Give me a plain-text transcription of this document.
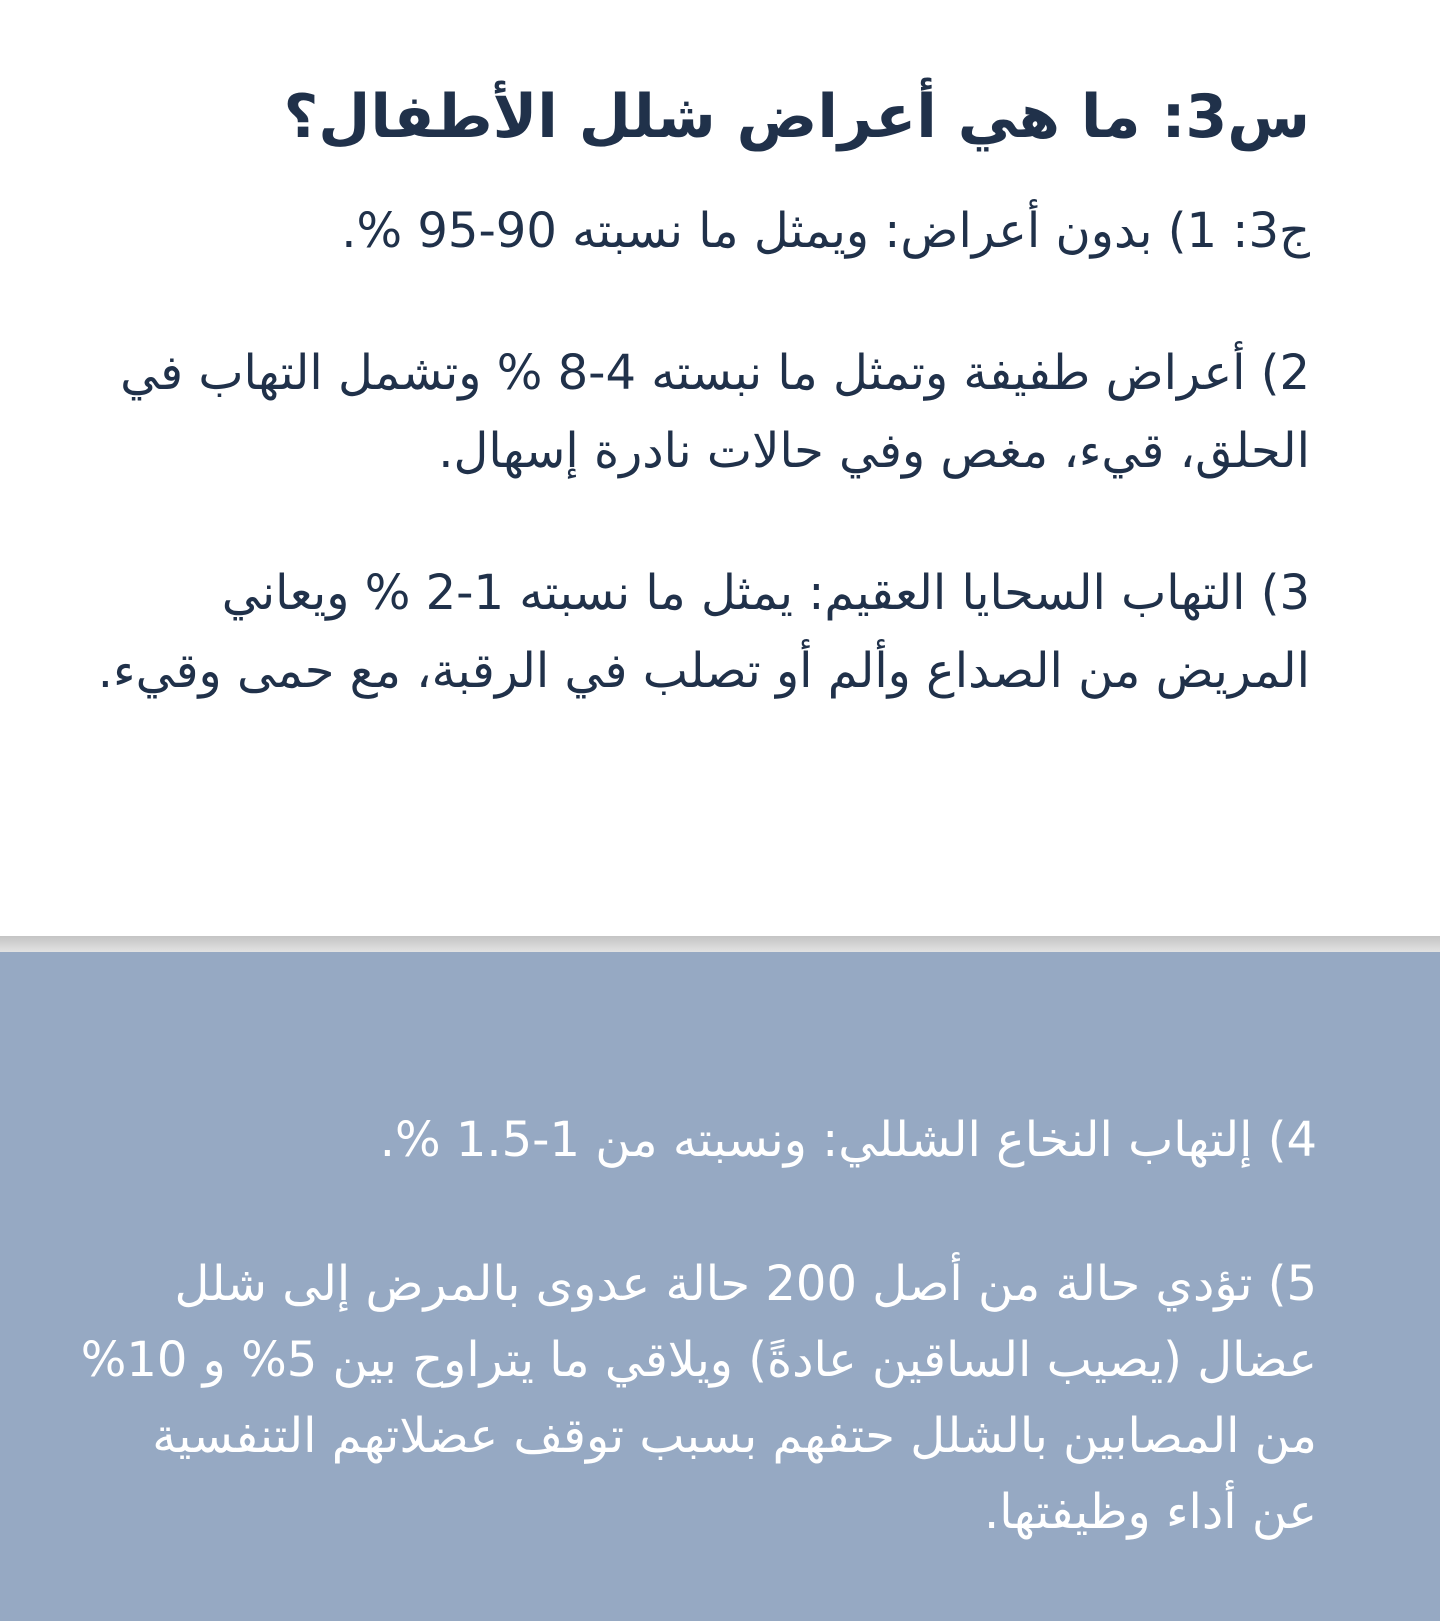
س3: ما هي أعراض شلل الأطفال؟

ج3: 1) بدون أعراض: ويمثل ما نسبته 90-95 %.

2) أعراض طفيفة وتمثل ما نبسته 4-8 % وتشمل التهاب في الحلق، قيء، مغص وفي حالات نادرة إسهال.

3) التهاب السحايا العقيم: يمثل ما نسبته 1-2 % ويعاني المريض من الصداع وألم أو تصلب في الرقبة، مع حمى وقيء.

4) إلتهاب النخاع الشللي: ونسبته من 1-1.5 %.

5) تؤدي حالة من أصل 200 حالة عدوى بالمرض إلى شلل عضال (يصيب الساقين عادةً) ويلاقي ما يتراوح بين 5% و 10% من المصابين بالشلل حتفهم بسبب توقف عضلاتهم التنفسية عن أداء وظيفتها.
